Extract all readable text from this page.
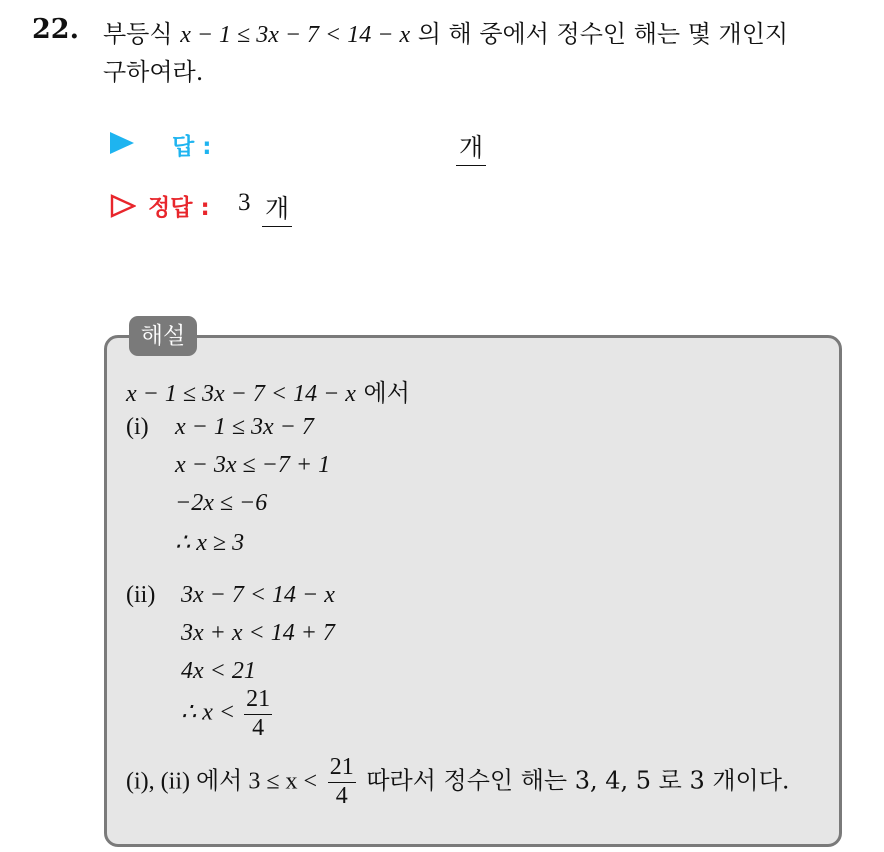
22. 부등식 x − 1 ≤ 3x − 7 < 14 − x 의 해 중에서 정수인 해는 몇 개인지
구하여라.
답 :	개
정답 : 3 개
해설
x − 1 ≤ 3x − 7 < 14 − x 에서
(i) x − 1 ≤ 3x − 7
x − 3x ≤ −7 + 1
−2x ≤ −6
∴ x ≥ 3
(ii) 3x − 7 < 14 − x
3x + x < 14 + 7
4x < 21
∴ $x < \frac{21}{4}$
(i), (ii) 에서 $3 \le x < \frac{21}{4}$ 따라서 정수인 해는 3, 4, 5 로 3 개이다.
